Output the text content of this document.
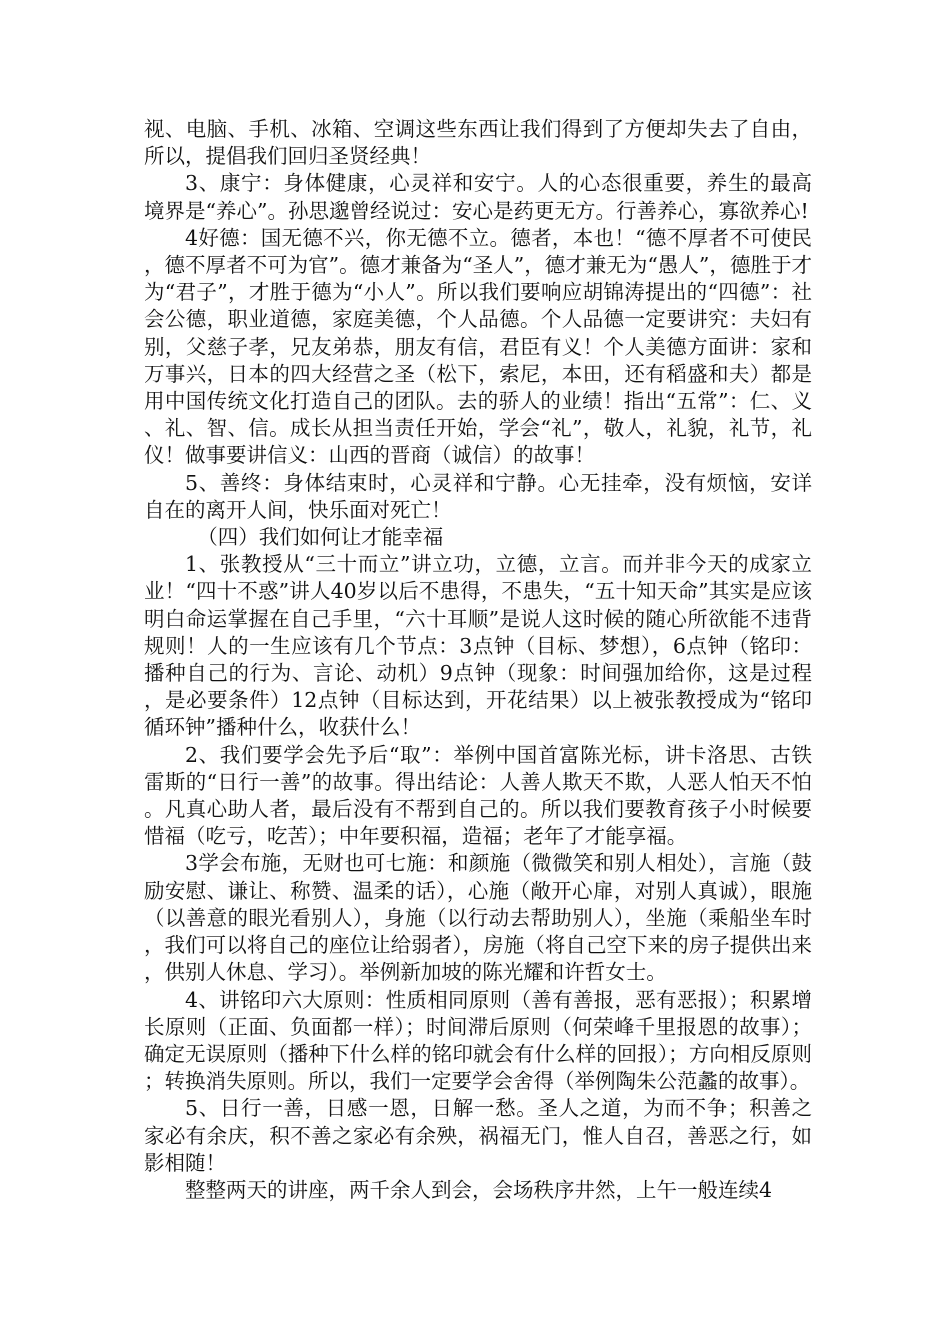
视、电脑、手机、冰箱、空调这些东西让我们得到了方便却失去了自由，所以，提倡我们回归圣贤经典！

3、康宁：身体健康，心灵祥和安宁。人的心态很重要，养生的最高境界是“养心”。孙思邈曾经说过：安心是药更无方。行善养心，寡欲养心!

4好德：国无德不兴，你无德不立。德者，本也！“德不厚者不可使民，德不厚者不可为官”。德才兼备为“圣人”，德才兼无为“愚人”，德胜于才为“君子”，才胜于德为“小人”。所以我们要响应胡锦涛提出的“四德”：社会公德，职业道德，家庭美德，个人品德。个人品德一定要讲究：夫妇有别，父慈子孝，兄友弟恭，朋友有信，君臣有义！个人美德方面讲：家和万事兴，日本的四大经营之圣（松下，索尼，本田，还有稻盛和夫）都是用中国传统文化打造自己的团队。去的骄人的业绩！指出“五常”：仁、义、礼、智、信。成长从担当责任开始，学会“礼”，敬人，礼貌，礼节，礼仪！做事要讲信义：山西的晋商（诚信）的故事！

5、善终：身体结束时，心灵祥和宁静。心无挂牵，没有烦恼，安详自在的离开人间，快乐面对死亡！

（四）我们如何让才能幸福

1、张教授从“三十而立”讲立功，立德，立言。而并非今天的成家立业！“四十不惑”讲人40岁以后不患得，不患失，“五十知天命”其实是应该明白命运掌握在自己手里，“六十耳顺”是说人这时候的随心所欲能不违背规则！人的一生应该有几个节点：3点钟（目标、梦想），6点钟（铭印：播种自己的行为、言论、动机）9点钟（现象：时间强加给你，这是过程，是必要条件）12点钟（目标达到，开花结果）以上被张教授成为“铭印循环钟”播种什么，收获什么！

2、我们要学会先予后“取”：举例中国首富陈光标，讲卡洛思、古铁雷斯的“日行一善”的故事。得出结论：人善人欺天不欺，人恶人怕天不怕。凡真心助人者，最后没有不帮到自己的。所以我们要教育孩子小时候要惜福（吃亏，吃苦）；中年要积福，造福；老年了才能享福。

3学会布施，无财也可七施：和颜施（微微笑和别人相处），言施（鼓励安慰、谦让、称赞、温柔的话），心施（敞开心扉，对别人真诚），眼施（以善意的眼光看别人），身施（以行动去帮助别人），坐施（乘船坐车时，我们可以将自己的座位让给弱者），房施（将自己空下来的房子提供出来，供别人休息、学习）。举例新加坡的陈光耀和许哲女士。

4、讲铭印六大原则：性质相同原则（善有善报，恶有恶报）；积累增长原则（正面、负面都一样）；时间滞后原则（何荣峰千里报恩的故事）；确定无误原则（播种下什么样的铭印就会有什么样的回报）；方向相反原则；转换消失原则。所以，我们一定要学会舍得（举例陶朱公范蠡的故事）。

5、日行一善，日感一恩，日解一愁。圣人之道，为而不争；积善之家必有余庆，积不善之家必有余殃，祸福无门，惟人自召，善恶之行，如影相随！

整整两天的讲座，两千余人到会，会场秩序井然，上午一般连续4
